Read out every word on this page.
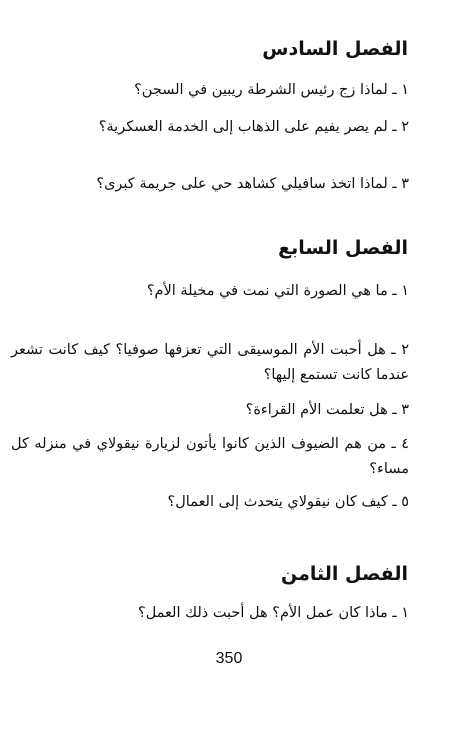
الفصل السادس
١ ـ لماذا زج رئيس الشرطة ريبين في السجن؟
٢ ـ لم يصر يفيم على الذهاب إلى الخدمة العسكرية؟
٣ ـ لماذا اتخذ سافيلي كشاهد حي على جريمة كبرى؟
الفصل السابع
١ ـ ما هي الصورة التي نمت في مخيلة الأم؟
٢ ـ هل أحبت الأم الموسيقى التي تعزفها صوفيا؟ كيف كانت تشعر عندما كانت تستمع إليها؟
٣ ـ هل تعلمت الأم القراءة؟
٤ ـ من هم الضيوف الذين كانوا يأتون لزيارة نيقولاي في منزله كل مساء؟
٥ ـ كيف كان نيقولاي يتحدث إلى العمال؟
الفصل الثامن
١ ـ ماذا كان عمل الأم؟ هل أحبت ذلك العمل؟
350
